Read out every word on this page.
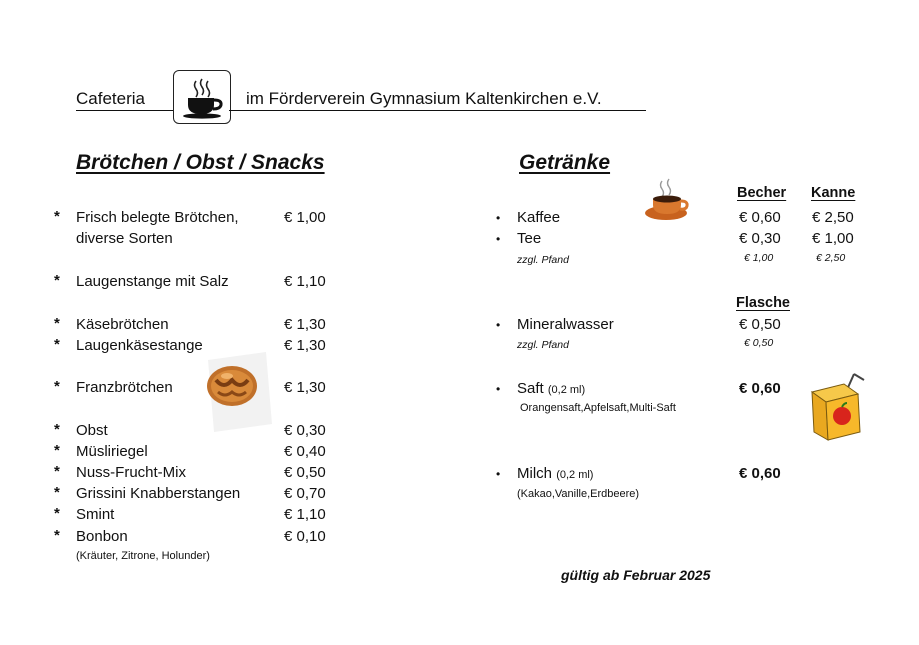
Cafeteria	im Förderverein Gymnasium Kaltenkirchen e.V.
Brötchen / Obst / Snacks
* Frisch belegte Brötchen,
diverse Sorten
€ 1,00
* Laugenstange mit Salz	€ 1,10
* Käsebrötchen	€ 1,30
* Laugenkäsestange	€ 1,30
* Franzbrötchen	€ 1,30
* Obst	€ 0,30
* Müsliriegel	€ 0,40
* Nuss-Frucht-Mix	€ 0,50
* Grissini Knabberstangen	€ 0,70
* Smint	€ 1,10
* Bonbon	€ 0,10
(Kräuter, Zitrone, Holunder)
Getränke
Becher Kanne
• Kaffee	€ 0,60 € 2,50
• Tee	€ 0,30 € 1,00
zzgl. Pfand	€ 1,00	€ 2,50
Flasche
• Mineralwasser	€ 0,50
zzgl. Pfand	€ 0,50
• Saft (0,2 ml)	€ 0,60
Orangensaft,Apfelsaft,Multi-Saft
• Milch (0,2 ml)	€ 0,60
(Kakao,Vanille,Erdbeere)
gültig ab Februar 2025
